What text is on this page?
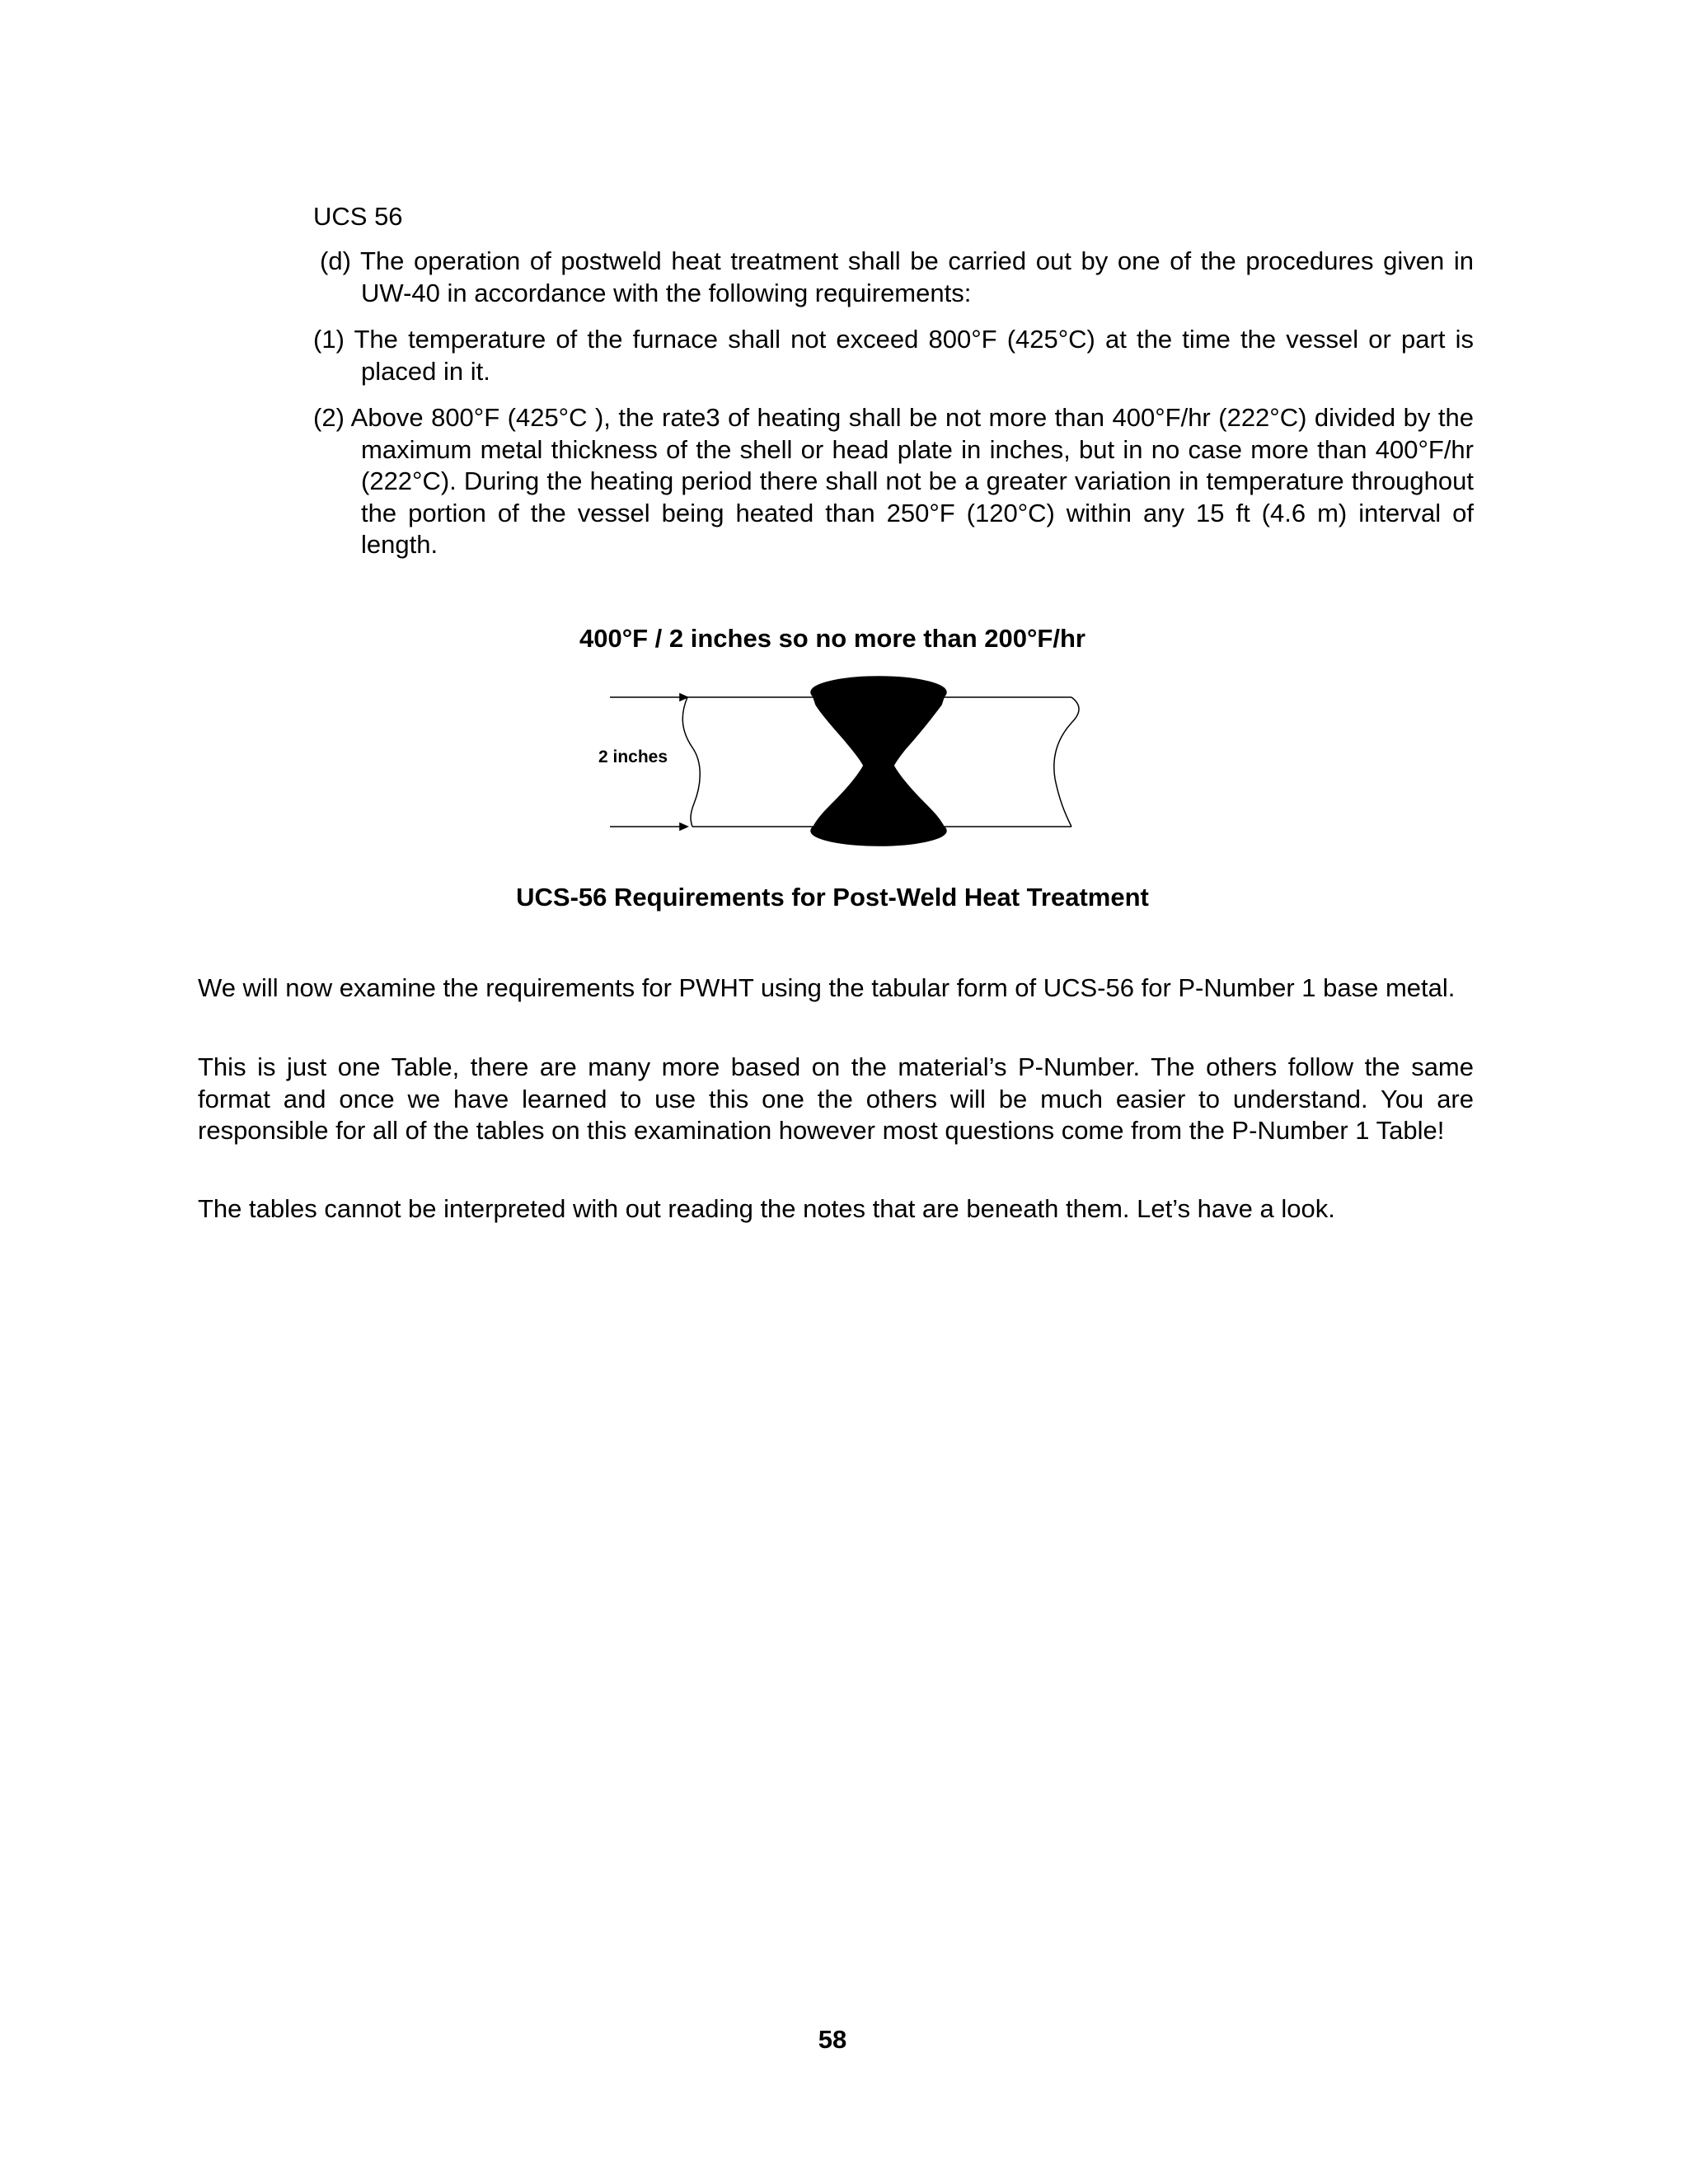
UCS 56
(d) The operation of postweld heat treatment shall be carried out by one of the procedures given in UW-40 in accordance with the following requirements:
(1) The temperature of the furnace shall not exceed 800°F (425°C) at the time the vessel or part is placed in it.
(2) Above 800°F (425°C ), the rate3 of heating shall be not more than 400°F/hr (222°C) divided by the maximum metal thickness of the shell or head plate in inches, but in no case more than 400°F/hr (222°C). During the heating period there shall not be a greater variation in temperature throughout the portion of the vessel being heated than 250°F (120°C) within any 15 ft (4.6 m) interval of length.
400°F / 2 inches so no more than 200°F/hr
2 inches
UCS-56 Requirements for Post-Weld Heat Treatment
We will now examine the requirements for PWHT using the tabular form of UCS-56 for P-Number 1 base metal.
This is just one Table, there are many more based on the material’s P-Number. The others follow the same format and once we have learned to use this one the others will be much easier to understand. You are responsible for all of the tables on this examination however most questions come from the P-Number 1 Table!
The tables cannot be interpreted with out reading the notes that are beneath them. Let’s have a look.
58
